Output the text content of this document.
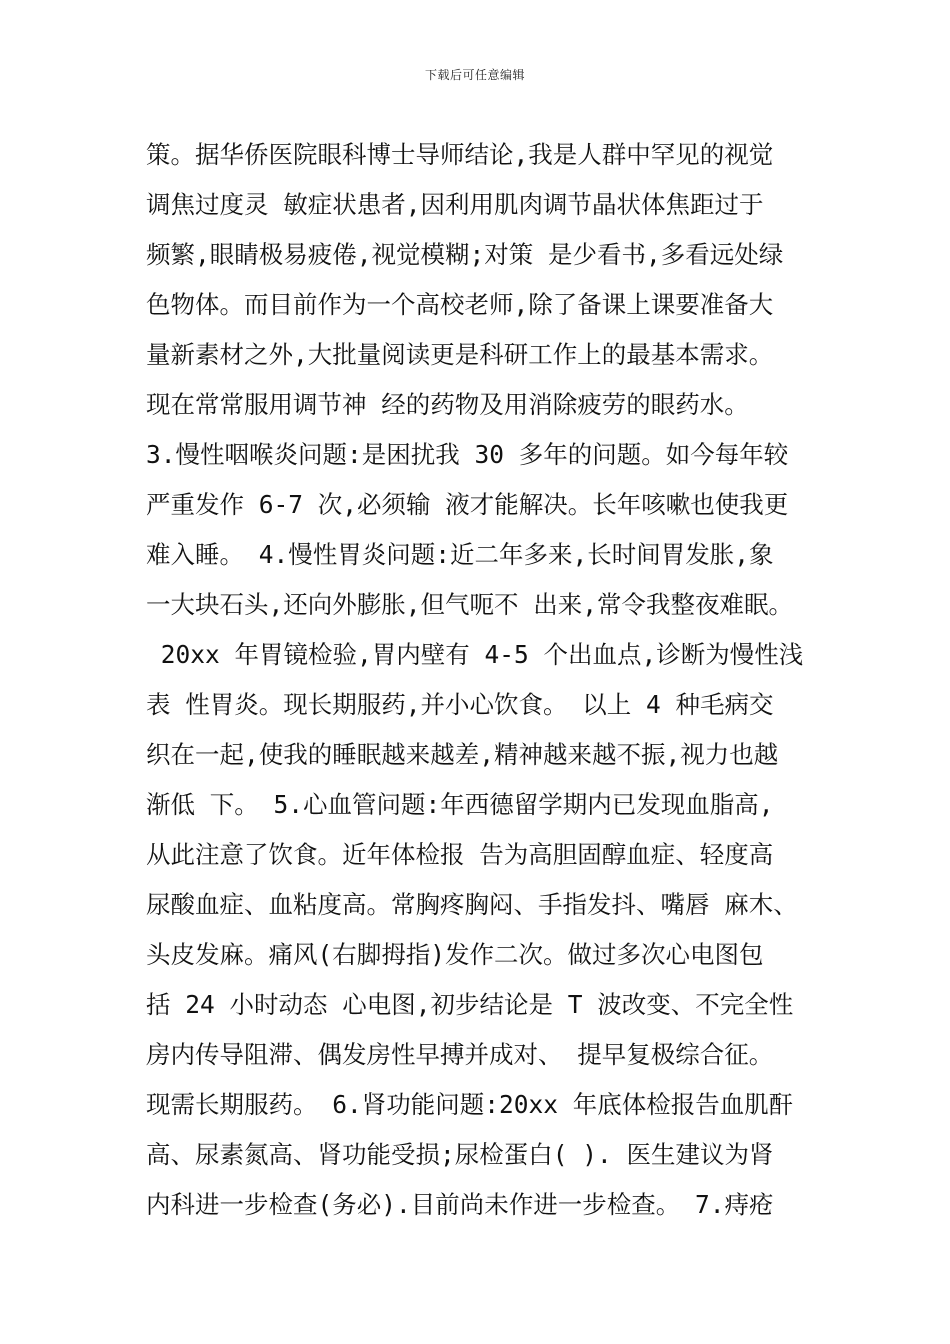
下载后可任意编辑
策。据华侨医院眼科博士导师结论,我是人群中罕见的视觉
调焦过度灵 敏症状患者,因利用肌肉调节晶状体焦距过于
频繁,眼睛极易疲倦,视觉模糊;对策 是少看书,多看远处绿
色物体。而目前作为一个高校老师,除了备课上课要准备大
量新素材之外,大批量阅读更是科研工作上的最基本需求。
现在常常服用调节神 经的药物及用消除疲劳的眼药水。
3.慢性咽喉炎问题:是困扰我 30 多年的问题。如今每年较
严重发作 6-7 次,必须输 液才能解决。长年咳嗽也使我更
难入睡。 4.慢性胃炎问题:近二年多来,长时间胃发胀,象
一大块石头,还向外膨胀,但气呃不 出来,常令我整夜难眠。
20xx 年胃镜检验,胃内壁有 4-5 个出血点,诊断为慢性浅
表 性胃炎。现长期服药,并小心饮食。 以上 4 种毛病交
织在一起,使我的睡眠越来越差,精神越来越不振,视力也越
渐低 下。 5.心血管问题:年西德留学期内已发现血脂高,
从此注意了饮食。近年体检报 告为高胆固醇血症、轻度高
尿酸血症、血粘度高。常胸疼胸闷、手指发抖、嘴唇 麻木、
头皮发麻。痛风(右脚拇指)发作二次。做过多次心电图包
括 24 小时动态 心电图,初步结论是 T 波改变、不完全性
房内传导阻滞、偶发房性早搏并成对、 提早复极综合征。
现需长期服药。 6.肾功能问题:20xx 年底体检报告血肌酐
高、尿素氮高、肾功能受损;尿检蛋白( ). 医生建议为肾
内科进一步检查(务必).目前尚未作进一步检查。 7.痔疮
